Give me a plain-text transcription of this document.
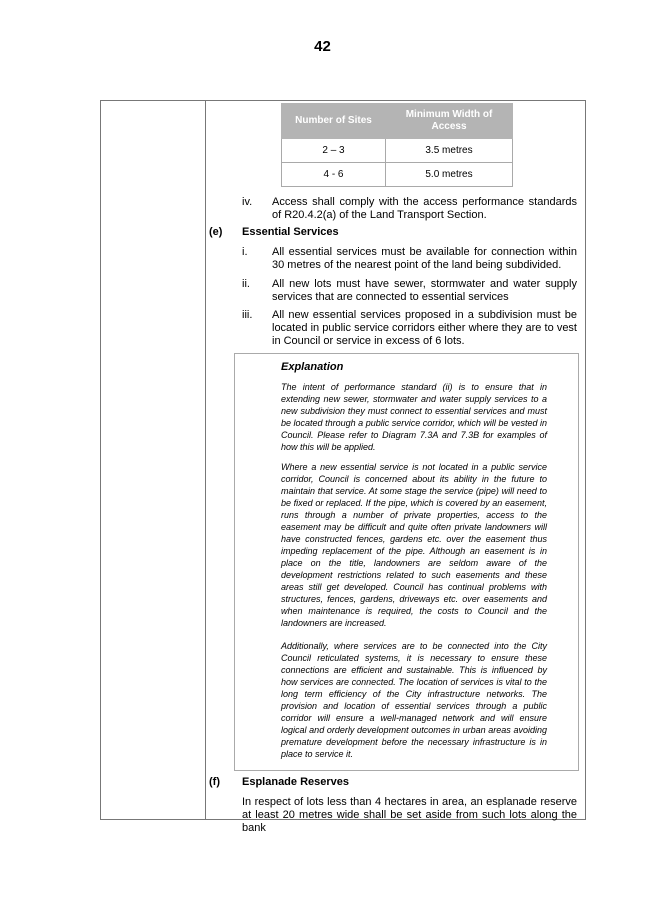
42
Number of Sites	Minimum Width of Access
2 – 3	3.5 metres
4 - 6	5.0 metres
iv. Access shall comply with the access performance standards of R20.4.2(a) of the Land Transport Section.
(e) Essential Services
i. All essential services must be available for connection within 30 metres of the nearest point of the land being subdivided.
ii. All new lots must have sewer, stormwater and water supply services that are connected to essential services
iii. All new essential services proposed in a subdivision must be located in public service corridors either where they are to vest in Council or service in excess of 6 lots.
Explanation
The intent of performance standard (ii) is to ensure that in extending new sewer, stormwater and water supply services to a new subdivision they must connect to essential services and must be located through a public service corridor, which will be vested in Council. Please refer to Diagram 7.3A and 7.3B for examples of how this will be applied.
Where a new essential service is not located in a public service corridor, Council is concerned about its ability in the future to maintain that service. At some stage the service (pipe) will need to be fixed or replaced. If the pipe, which is covered by an easement, runs through a number of private properties, access to the easement may be difficult and quite often private landowners will have constructed fences, gardens etc. over the easement thus impeding replacement of the pipe. Although an easement is in place on the title, landowners are seldom aware of the development restrictions related to such easements and these areas still get developed. Council has continual problems with structures, fences, gardens, driveways etc. over easements and when maintenance is required, the costs to Council and the landowners are increased.
Additionally, where services are to be connected into the City Council reticulated systems, it is necessary to ensure these connections are efficient and sustainable. This is influenced by how services are connected. The location of services is vital to the long term efficiency of the City infrastructure networks. The provision and location of essential services through a public corridor will ensure a well-managed network and will ensure logical and orderly development outcomes in urban areas avoiding premature development before the necessary infrastructure is in place to service it.
(f) Esplanade Reserves
In respect of lots less than 4 hectares in area, an esplanade reserve at least 20 metres wide shall be set aside from such lots along the bank
